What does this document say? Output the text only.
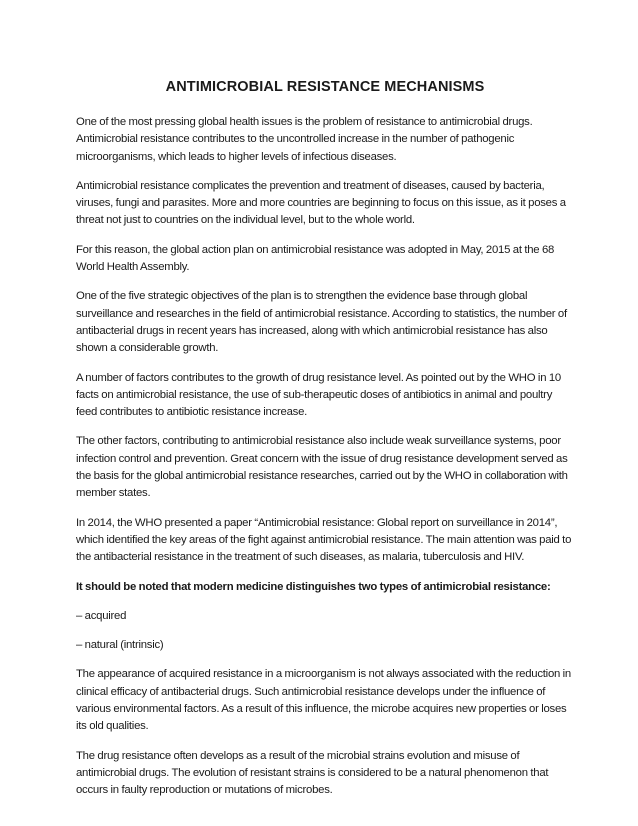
ANTIMICROBIAL RESISTANCE MECHANISMS

One of the most pressing global health issues is the problem of resistance to antimicrobial drugs. Antimicrobial resistance contributes to the uncontrolled increase in the number of pathogenic microorganisms, which leads to higher levels of infectious diseases.

Antimicrobial resistance complicates the prevention and treatment of diseases, caused by bacteria, viruses, fungi and parasites. More and more countries are beginning to focus on this issue, as it poses a threat not just to countries on the individual level, but to the whole world.

For this reason, the global action plan on antimicrobial resistance was adopted in May, 2015 at the 68 World Health Assembly.

One of the five strategic objectives of the plan is to strengthen the evidence base through global surveillance and researches in the field of antimicrobial resistance. According to statistics, the number of antibacterial drugs in recent years has increased, along with which antimicrobial resistance has also shown a considerable growth.

A number of factors contributes to the growth of drug resistance level. As pointed out by the WHO in 10 facts on antimicrobial resistance, the use of sub-therapeutic doses of antibiotics in animal and poultry feed contributes to antibiotic resistance increase.

The other factors, contributing to antimicrobial resistance also include weak surveillance systems, poor infection control and prevention. Great concern with the issue of drug resistance development served as the basis for the global antimicrobial resistance researches, carried out by the WHO in collaboration with member states.

In 2014, the WHO presented a paper “Antimicrobial resistance: Global report on surveillance in 2014”, which identified the key areas of the fight against antimicrobial resistance. The main attention was paid to the antibacterial resistance in the treatment of such diseases, as malaria, tuberculosis and HIV.

It should be noted that modern medicine distinguishes two types of antimicrobial resistance:

– acquired

– natural (intrinsic)

The appearance of acquired resistance in a microorganism is not always associated with the reduction in clinical efficacy of antibacterial drugs. Such antimicrobial resistance develops under the influence of various environmental factors. As a result of this influence, the microbe acquires new properties or loses its old qualities.

The drug resistance often develops as a result of the microbial strains evolution and misuse of antimicrobial drugs. The evolution of resistant strains is considered to be a natural phenomenon that occurs in faulty reproduction or mutations of microbes.
